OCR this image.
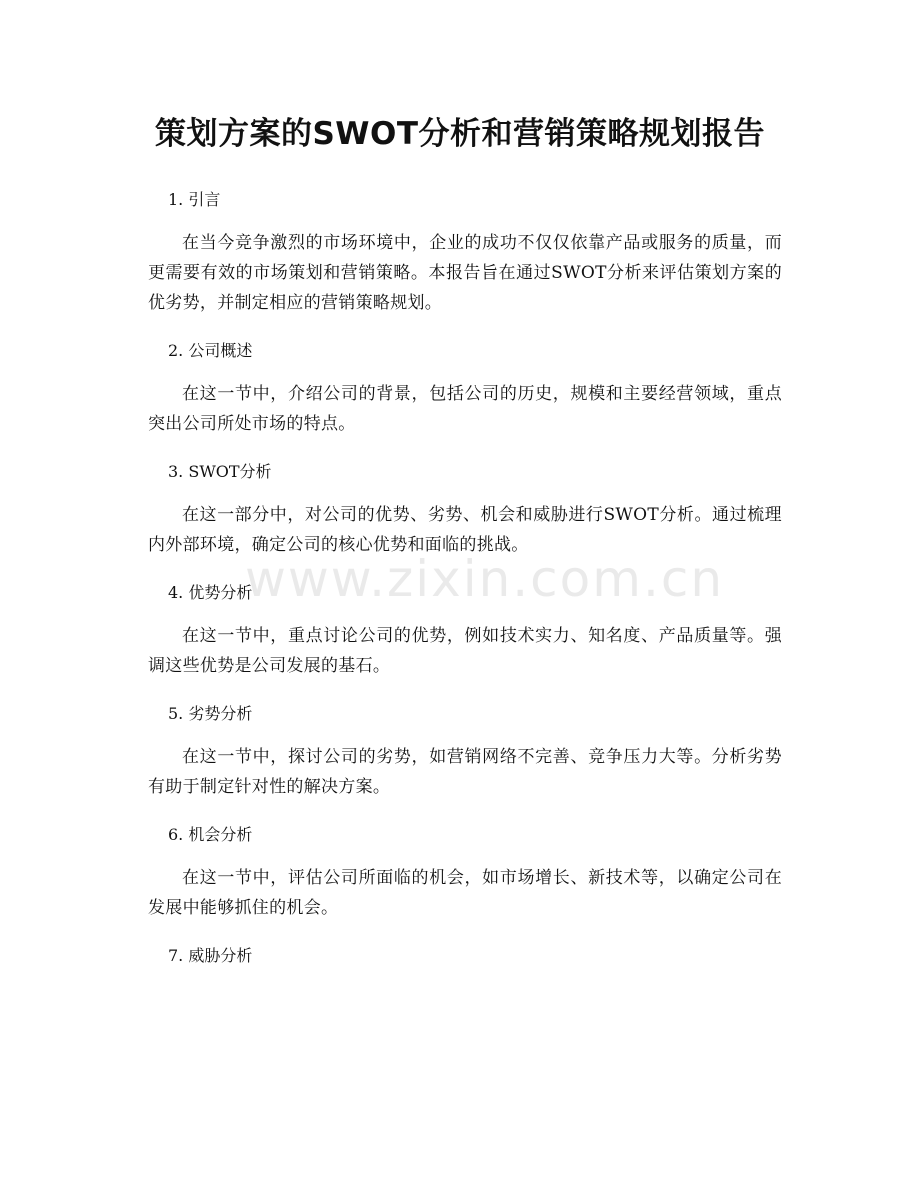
策划方案的SWOT分析和营销策略规划报告
www.zixin.com.cn
1. 引言

在当今竞争激烈的市场环境中，企业的成功不仅仅依靠产品或服务的质量，而更需要有效的市场策划和营销策略。本报告旨在通过SWOT分析来评估策划方案的优劣势，并制定相应的营销策略规划。

2. 公司概述

在这一节中，介绍公司的背景，包括公司的历史，规模和主要经营领域，重点突出公司所处市场的特点。

3. SWOT分析

在这一部分中，对公司的优势、劣势、机会和威胁进行SWOT分析。通过梳理内外部环境，确定公司的核心优势和面临的挑战。

4. 优势分析

在这一节中，重点讨论公司的优势，例如技术实力、知名度、产品质量等。强调这些优势是公司发展的基石。

5. 劣势分析

在这一节中，探讨公司的劣势，如营销网络不完善、竞争压力大等。分析劣势有助于制定针对性的解决方案。

6. 机会分析

在这一节中，评估公司所面临的机会，如市场增长、新技术等，以确定公司在发展中能够抓住的机会。

7. 威胁分析
